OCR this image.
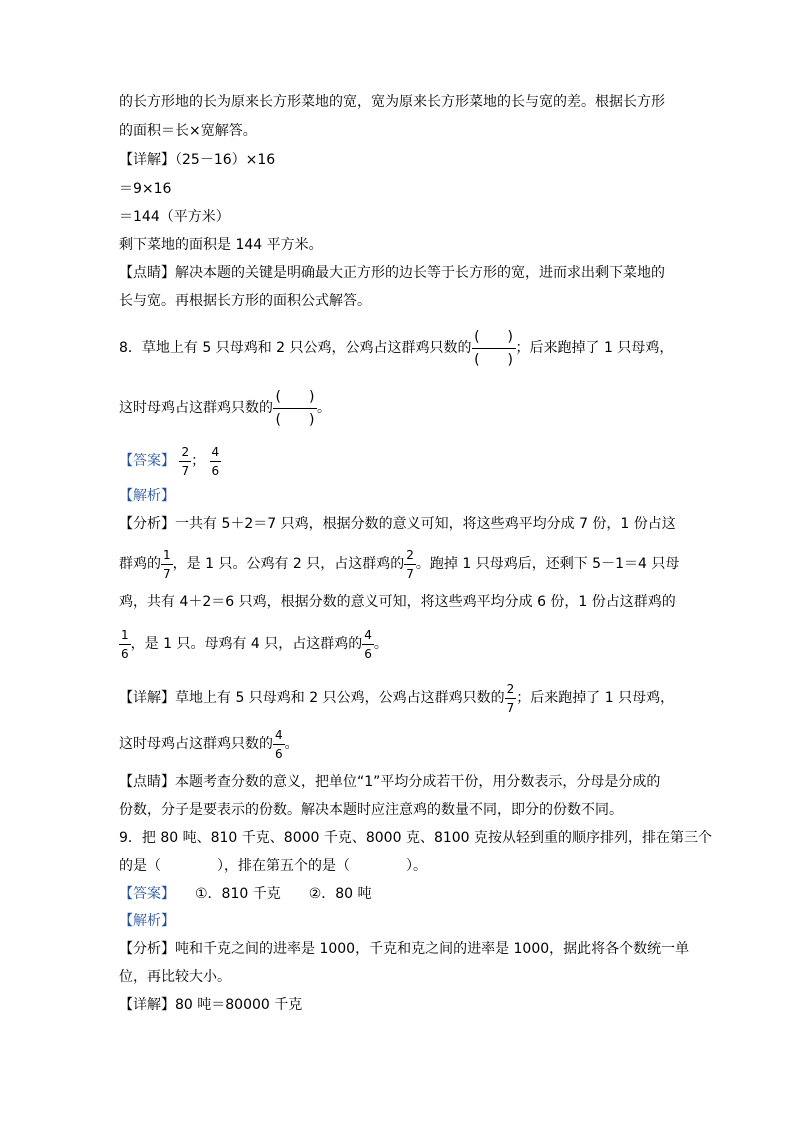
的长方形地的长为原来长方形菜地的宽，宽为原来长方形菜地的长与宽的差。根据长方形
的面积＝长×宽解答。
【详解】（25－16）×16
＝9×16
＝144（平方米）
剩下菜地的面积是 144 平方米。
【点睛】解决本题的关键是明确最大正方形的边长等于长方形的宽，进而求出剩下菜地的
长与宽。再根据长方形的面积公式解答。
8．草地上有 5 只母鸡和 2 只公鸡，公鸡占这群鸡只数的 $\frac{( )}{( )}$ ；后来跑掉了 1 只母鸡，
这时母鸡占这群鸡只数的 $\frac{( )}{( )}$ 。
【答案】 $\frac{2}{7}$ ； $\frac{4}{6}$
【解析】
【分析】一共有 5＋2＝7 只鸡，根据分数的意义可知，将这些鸡平均分成 7 份，1 份占这
群鸡的 $\frac{1}{7}$ ，是 1 只。公鸡有 2 只，占这群鸡的 $\frac{2}{7}$ 。跑掉 1 只母鸡后，还剩下 5－1＝4 只母
鸡，共有 4＋2＝6 只鸡，根据分数的意义可知，将这些鸡平均分成 6 份，1 份占这群鸡的
$\frac{1}{6}$ ，是 1 只。母鸡有 4 只，占这群鸡的 $\frac{4}{6}$ 。
【详解】草地上有 5 只母鸡和 2 只公鸡，公鸡占这群鸡只数的 $\frac{2}{7}$ ；后来跑掉了 1 只母鸡，
这时母鸡占这群鸡只数的 $\frac{4}{6}$ 。
【点睛】本题考查分数的意义，把单位“1”平均分成若干份，用分数表示，分母是分成的
份数，分子是要表示的份数。解决本题时应注意鸡的数量不同，即分的份数不同。
9．把 80 吨、810 千克、8000 千克、8000 克、8100 克按从轻到重的顺序排列，排在第三个
的是（　　　　），排在第五个的是（　　　　）。
【答案】 ①．810 千克　　②．80 吨
【解析】
【分析】吨和千克之间的进率是 1000，千克和克之间的进率是 1000，据此将各个数统一单
位，再比较大小。
【详解】80 吨＝80000 千克
